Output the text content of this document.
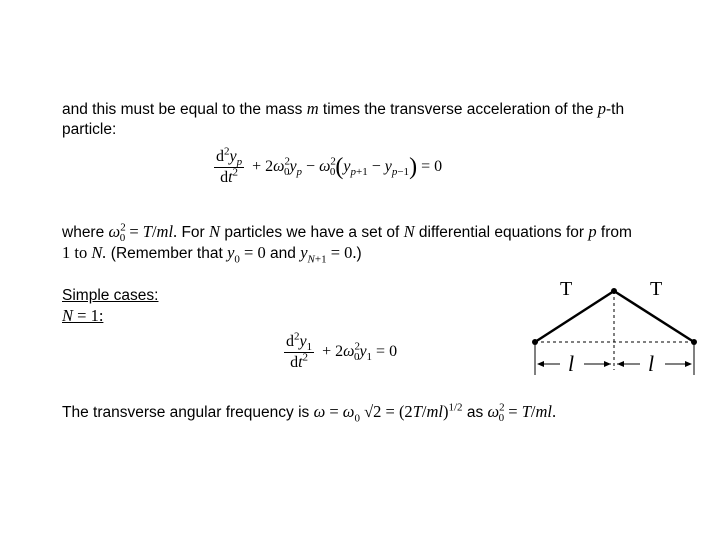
and this must be equal to the mass m times the transverse acceleration of the p-th
particle:
$\frac{d^2y_p}{dt^2} + 2\omega^2_0y_p - \omega^2_0(y_{p+1} - y_{p-1}) = 0$
where $\omega^2_0 = T/ml$. For N particles we have a set of N differential equations for p from
1 to N. (Remember that $y_0 = 0$ and $y_{N+1} = 0$.)
Simple cases:
N = 1:
$\frac{d^2y_1}{dt^2} + 2\omega^2_0y_1 = 0$
The transverse angular frequency is $\omega = \omega_0$ $√2 = (2T/ml)^{1/2}$ as $\omega^2_0 = T/ml$.
T	T
l	l
